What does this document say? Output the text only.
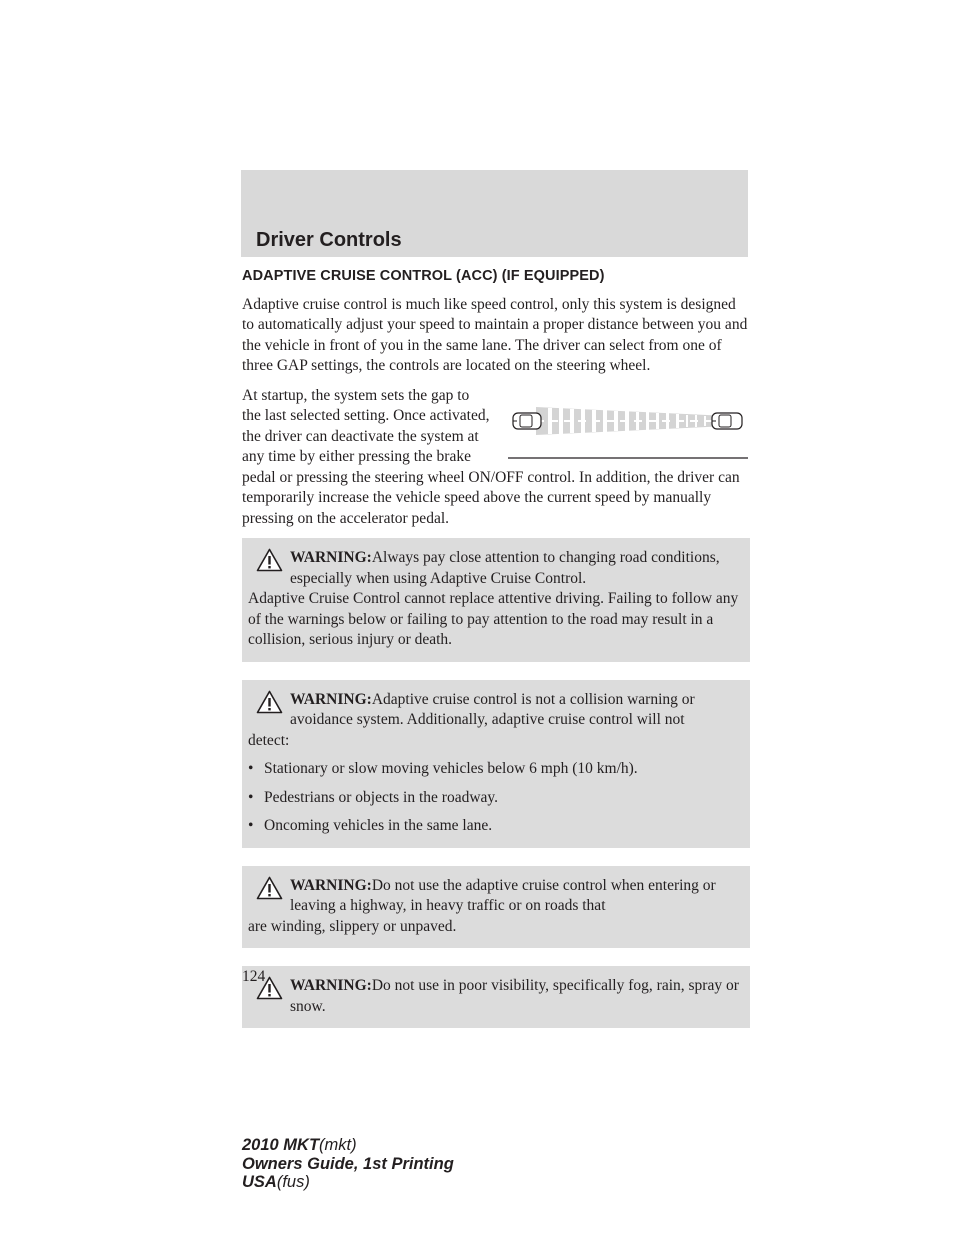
Driver Controls
ADAPTIVE CRUISE CONTROL (ACC) (IF EQUIPPED)

Adaptive cruise control is much like speed control, only this system is designed to automatically adjust your speed to maintain a proper distance between you and the vehicle in front of you in the same lane. The driver can select from one of three GAP settings, the controls are located on the steering wheel.

At startup, the system sets the gap to the last selected setting. Once activated, the driver can deactivate the system at any time by either pressing the brake pedal or pressing the steering wheel ON/OFF control. In addition, the driver can temporarily increase the vehicle speed above the current speed by manually pressing on the accelerator pedal.

WARNING:Always pay close attention to changing road conditions, especially when using Adaptive Cruise Control.
Adaptive Cruise Control cannot replace attentive driving. Failing to follow any of the warnings below or failing to pay attention to the road may result in a collision, serious injury or death.

WARNING:Adaptive cruise control is not a collision warning or avoidance system. Additionally, adaptive cruise control will not
detect:

• Stationary or slow moving vehicles below 6 mph (10 km/h).
• Pedestrians or objects in the roadway.
• Oncoming vehicles in the same lane.

WARNING:Do not use the adaptive cruise control when entering or leaving a highway, in heavy traffic or on roads that
are winding, slippery or unpaved.

WARNING:Do not use in poor visibility, specifically fog, rain, spray or snow.

124
2010 MKT(mkt)
Owners Guide, 1st Printing
USA(fus)
